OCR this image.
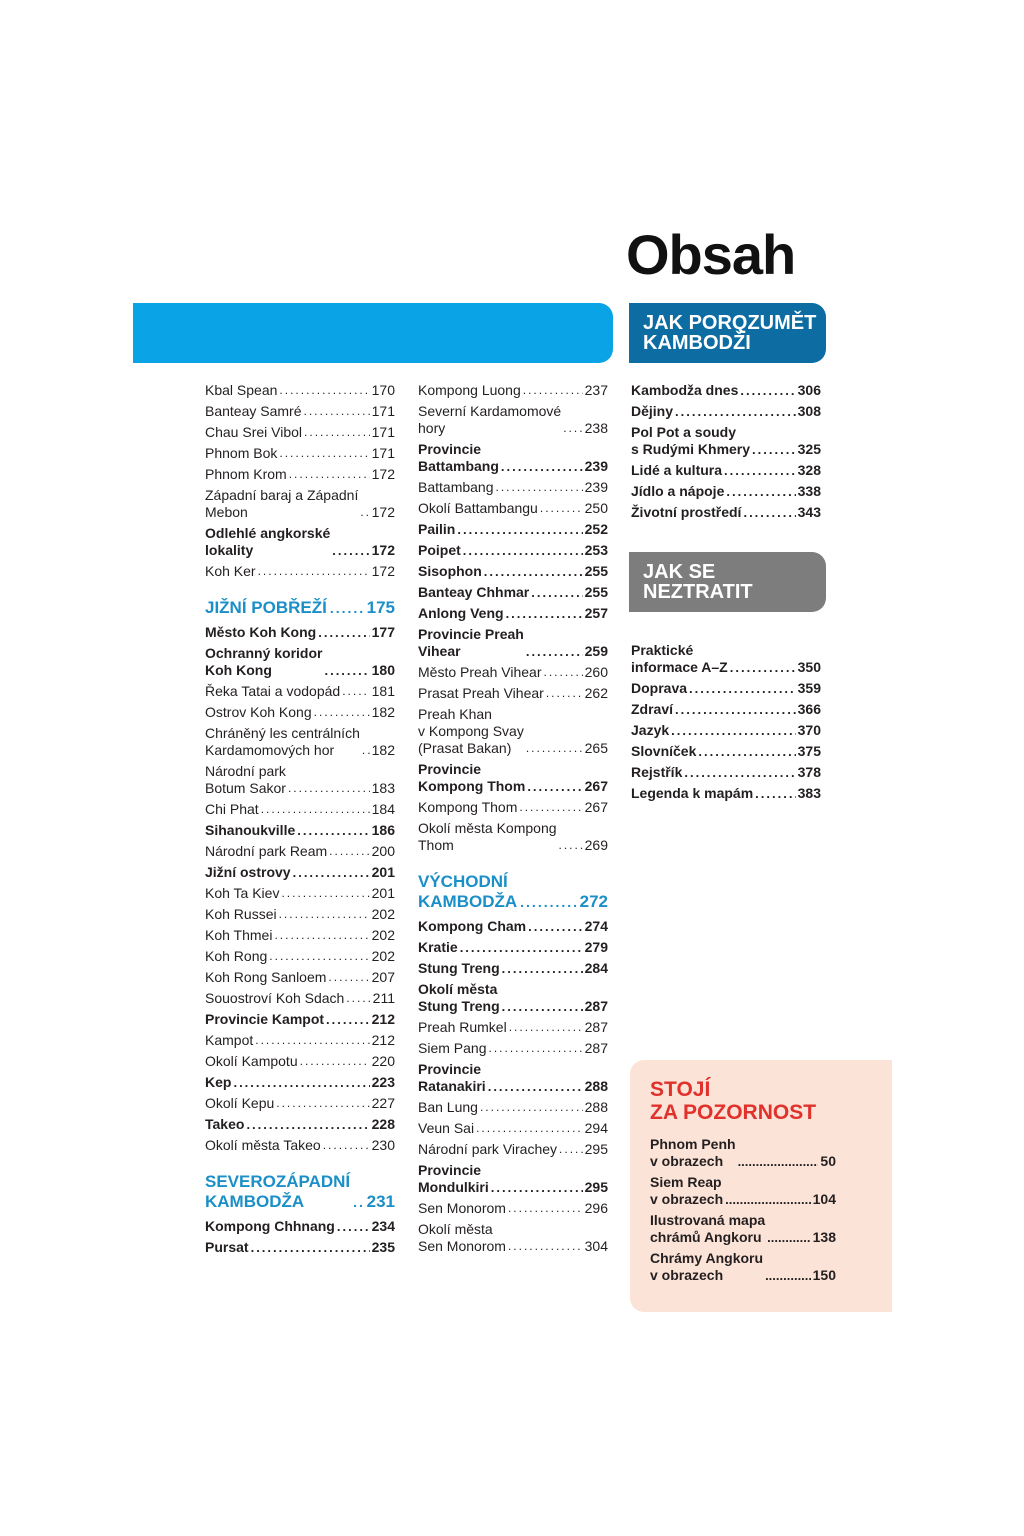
Obsah
JAK PORQZUMĚT
KAMBODŽI
JAK SE
NEZTRATIT
Kbal Spean .....	170
Banteay Samré .....	171
Chau Srei Vibol .....	171
Phnom Bok .....	171
Phnom Krom .....	172
Západní baraj a Západní
Mebon .....	172
Odlehlé angkorské
lokality .....	172
Koh Ker .....	172
JIŽNÍ POBŘEŽÍ ..... 175
Město Koh Kong .....	177
Ochranný koridor
Koh Kong .....	180
Řeka Tatai a vodopád ..... 181
Ostrov Koh Kong .....	182
Chráněný les centrálních
Kardamomových hor .....	182
Národní park
Botum Sakor .....	183
Chi Phat .....	184
Sihanoukville .....	186
Národní park Ream .....	200
Jižní ostrovy .....	201
Koh Ta Kiev .....	201
Koh Russei .....	202
Koh Thmei .....	202
Koh Rong .....	202
Koh Rong Sanloem .....	207
Souostroví Koh Sdach ..... 211
Provincie Kampot .....	212
Kampot .....	212
Okolí Kampotu .....	220
Kep .....	223
Okolí Kepu .....	227
Takeo .....	228
Okolí města Takeo .....	230
SEVEROZÁPADNÍ
KAMBODŽA .....	231
Kompong Chhnang .....	234
Pursat .....	235
Kompong Luong .....	237
Severní Kardamomové
hory .....	238
Provincie
Battambang .....	239
Battambang .....	239
Okolí Battambangu .....	250
Pailin .....	252
Poipet .....	253
Sisophon .....	255
Banteay Chhmar .....	255
Anlong Veng .....	257
Provincie Preah
Vihear .....	259
Město Preah Vihear .....	260
Prasat Preah Vihear .....	262
Preah Khan
v Kompong Svay
(Prasat Bakan) .....	265
Provincie
Kompong Thom .....	267
Kompong Thom .....	267
Okolí města Kompong
Thom .....	269
VÝCHODNÍ
KAMBODŽA .....	272
Kompong Cham .....	274
Kratie .....	279
Stung Treng .....	284
Okolí města
Stung Treng .....	287
Preah Rumkel .....	287
Siem Pang .....	287
Provincie
Ratanakiri .....	288
Ban Lung .....	288
Veun Sai .....	294
Národní park Virachey ..... 295
Provincie
Mondulkiri .....	295
Sen Monorom .....	296
Okolí města
Sen Monorom .....	304
Kambodža dnes .....	306
Dějiny .....	308
Pol Pot a soudy
s Rudými Khmery .....	325
Lidé a kultura .....	328
Jídlo a nápoje .....	338
Životní prostředí .....	343
Praktické
informace A–Z .....	350
Doprava .....	359
Zdraví .....	366
Jazyk .....	370
Slovníček .....	375
Rejstřík .....	378
Legenda k mapám .....	383
STOJÍ
ZA POZORNOST
Phnom Penh
v obrazech .....	50
Siem Reap
v obrazech .....	104
Ilustrovaná mapa
chrámů Angkoru .....	138
Chrámy Angkoru
v obrazech .....	150
